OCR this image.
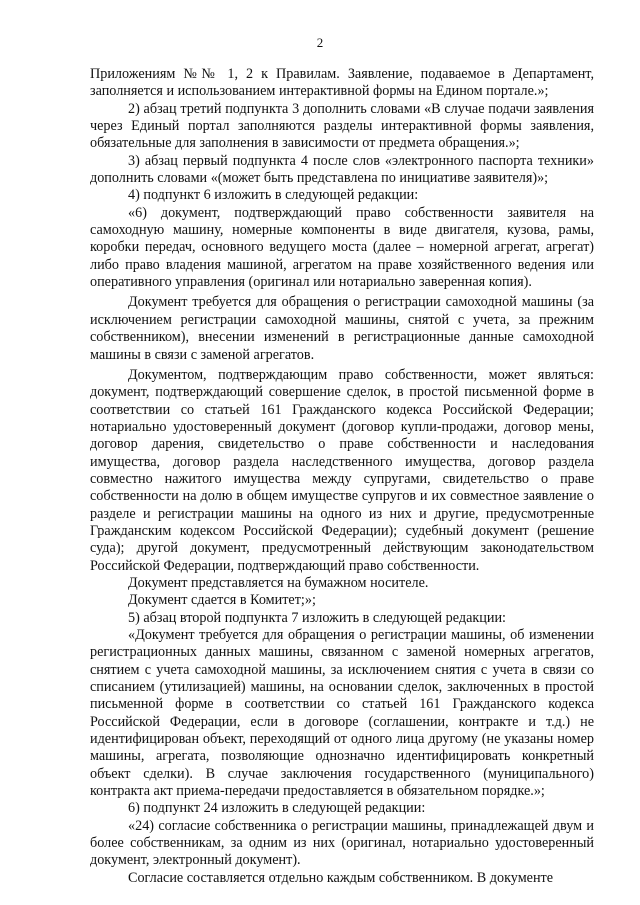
2

Приложениям №№ 1, 2 к Правилам. Заявление, подаваемое в Департамент, заполняется и использованием интерактивной формы на Едином портале.»;

2) абзац третий подпункта 3 дополнить словами «В случае подачи заявления через Единый портал заполняются разделы интерактивной формы заявления, обязательные для заполнения в зависимости от предмета обращения.»;

3) абзац первый подпункта 4 после слов «электронного паспорта техники» дополнить словами «(может быть представлена по инициативе заявителя)»;

4) подпункт 6 изложить в следующей редакции:

«6) документ, подтверждающий право собственности заявителя на самоходную машину, номерные компоненты в виде двигателя, кузова, рамы, коробки передач, основного ведущего моста (далее – номерной агрегат, агрегат) либо право владения машиной, агрегатом на праве хозяйственного ведения или оперативного управления (оригинал или нотариально заверенная копия).

Документ требуется для обращения о регистрации самоходной машины (за исключением регистрации самоходной машины, снятой с учета, за прежним собственником), внесении изменений в регистрационные данные самоходной машины в связи с заменой агрегатов.

Документом, подтверждающим право собственности, может являться: документ, подтверждающий совершение сделок, в простой письменной форме в соответствии со статьей 161 Гражданского кодекса Российской Федерации; нотариально удостоверенный документ (договор купли-продажи, договор мены, договор дарения, свидетельство о праве собственности и наследования имущества, договор раздела наследственного имущества, договор раздела совместно нажитого имущества между супругами, свидетельство о праве собственности на долю в общем имуществе супругов и их совместное заявление о разделе и регистрации машины на одного из них и другие, предусмотренные Гражданским кодексом Российской Федерации); судебный документ (решение суда); другой документ, предусмотренный действующим законодательством Российской Федерации, подтверждающий право собственности.

Документ представляется на бумажном носителе.

Документ сдается в Комитет;»;

5) абзац второй подпункта 7 изложить в следующей редакции:

«Документ требуется для обращения о регистрации машины, об изменении регистрационных данных машины, связанном с заменой номерных агрегатов, снятием с учета самоходной машины, за исключением снятия с учета в связи со списанием (утилизацией) машины, на основании сделок, заключенных в простой письменной форме в соответствии со статьей 161 Гражданского кодекса Российской Федерации, если в договоре (соглашении, контракте и т.д.) не идентифицирован объект, переходящий от одного лица другому (не указаны номер машины, агрегата, позволяющие однозначно идентифицировать конкретный объект сделки). В случае заключения государственного (муниципального) контракта акт приема-передачи предоставляется в обязательном порядке.»;

6) подпункт 24 изложить в следующей редакции:

«24) согласие собственника о регистрации машины, принадлежащей двум и более собственникам, за одним из них (оригинал, нотариально удостоверенный документ, электронный документ).

Согласие составляется отдельно каждым собственником. В документе
